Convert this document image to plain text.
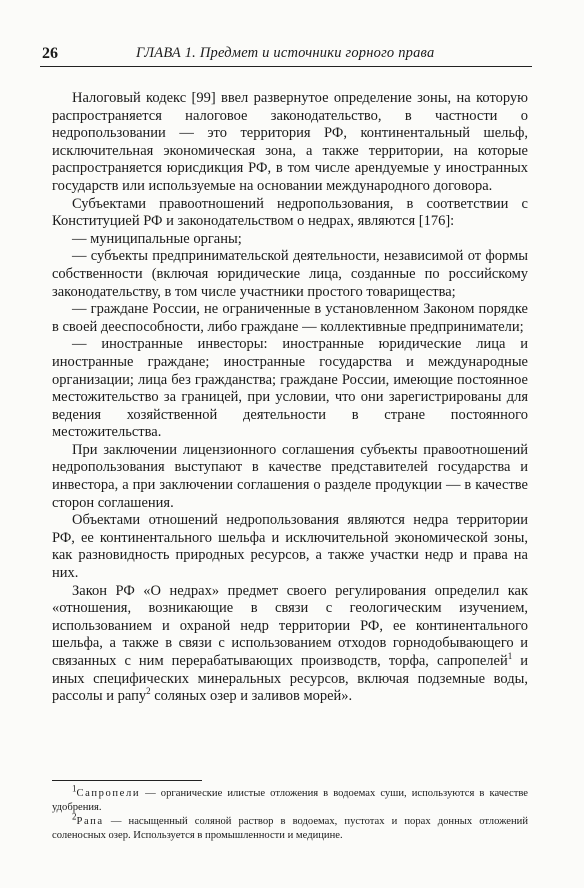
26	ГЛАВА 1. Предмет и источники горного права

Налоговый кодекс [99] ввел развернутое определение зоны, на которую распространяется налоговое законодательство, в частности о недропользовании — это территория РФ, континентальный шельф, исключительная экономическая зона, а также территории, на которые распространяется юрисдикция РФ, в том числе арендуемые у иностранных государств или используемые на основании международного договора.

Субъектами правоотношений недропользования, в соответствии с Конституцией РФ и законодательством о недрах, являются [176]:

— муниципальные органы;

— субъекты предпринимательской деятельности, независимой от формы собственности (включая юридические лица, созданные по российскому законодательству, в том числе участники простого товарищества;

— граждане России, не ограниченные в установленном Законом порядке в своей дееспособности, либо граждане — коллективные предприниматели;

— иностранные инвесторы: иностранные юридические лица и иностранные граждане; иностранные государства и международные организации; лица без гражданства; граждане России, имеющие постоянное местожительство за границей, при условии, что они зарегистрированы для ведения хозяйственной деятельности в стране постоянного местожительства.

При заключении лицензионного соглашения субъекты правоотношений недропользования выступают в качестве представителей государства и инвестора, а при заключении соглашения о разделе продукции — в качестве сторон соглашения.

Объектами отношений недропользования являются недра территории РФ, ее континентального шельфа и исключительной экономической зоны, как разновидность природных ресурсов, а также участки недр и права на них.

Закон РФ «О недрах» предмет своего регулирования определил как «отношения, возникающие в связи с геологическим изучением, использованием и охраной недр территории РФ, ее континентального шельфа, а также в связи с использованием отходов горнодобывающего и связанных с ним перерабатывающих производств, торфа, сапропелей$^1$ и иных специфических минеральных ресурсов, включая подземные воды, рассолы и рапу$^2$ соляных озер и заливов морей».

$^1$Сапропели — органические илистые отложения в водоемах суши, используются в качестве удобрения.

$^2$Рапа — насыщенный соляной раствор в водоемах, пустотах и порах донных отложений соленосных озер. Используется в промышленности и медицине.
